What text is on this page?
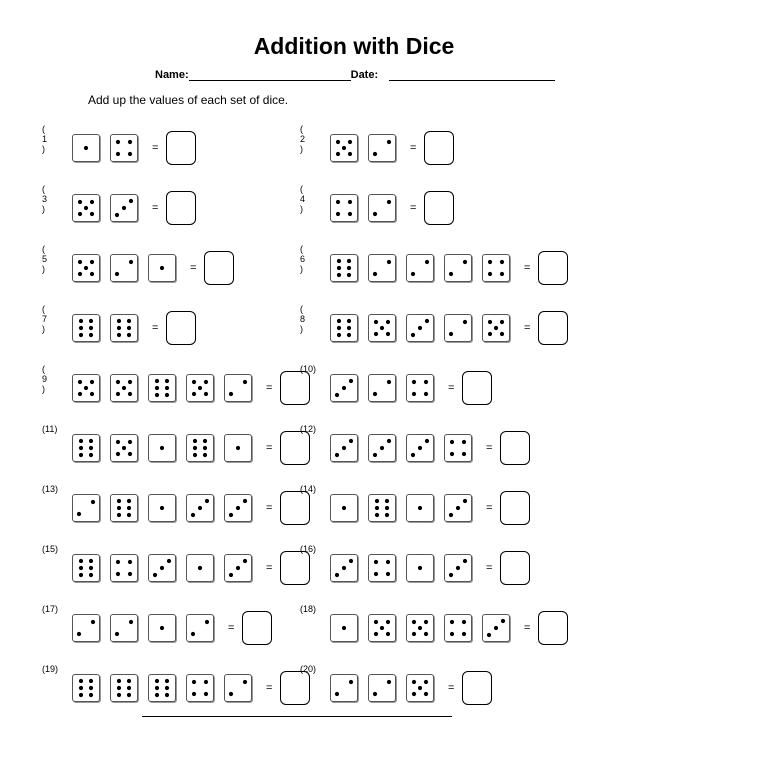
Addition with Dice
Name:	Date:
Add up the values of each set of dice.
( 1 )	=
( 2 )	=
( 3 )	=
( 4 )	=
( 5 )	=
( 6 )	=
( 7 )	=
( 8 )	=
( 9 )	=
(10)
=
(11)
=
(12)
=
(13)
=
(14)
=
(15)
=
(16)
=
(17)
=
(18)
=
(19)
=
(20)
=
